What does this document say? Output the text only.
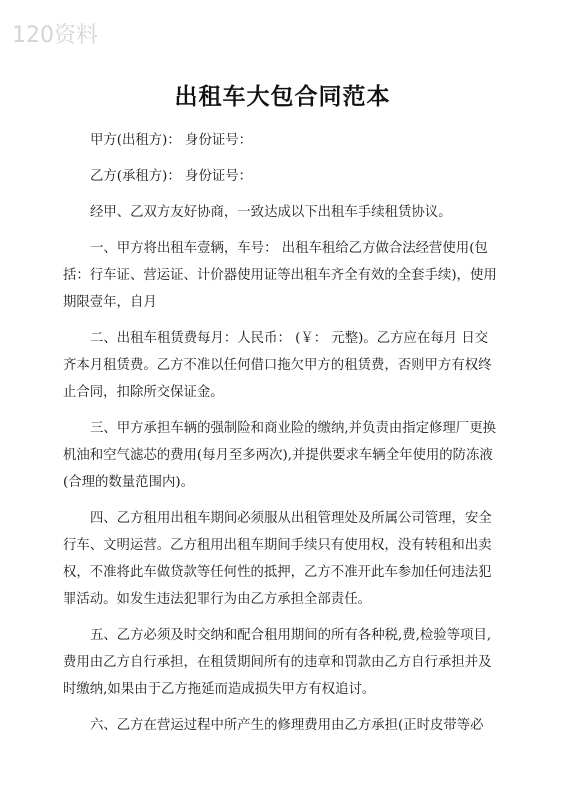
120资料
出租车大包合同范本
甲方(出租方)： 身份证号：
乙方(承租方)： 身份证号：
经甲、乙双方友好协商，一致达成以下出租车手续租赁协议。
一、甲方将出租车壹辆，车号： 出租车租给乙方做合法经营使用(包
括：行车证、营运证、计价器使用证等出租车齐全有效的全套手续)，使用
期限壹年，自月
二、出租车租赁费每月：人民币： (￥： 元整)。乙方应在每月 日交
齐本月租赁费。乙方不准以任何借口拖欠甲方的租赁费，否则甲方有权终
止合同，扣除所交保证金。
三、甲方承担车辆的强制险和商业险的缴纳,并负责由指定修理厂更换
机油和空气滤芯的费用(每月至多两次),并提供要求车辆全年使用的防冻液
(合理的数量范围内)。
四、乙方租用出租车期间必须服从出租管理处及所属公司管理，安全
行车、文明运营。乙方租用出租车期间手续只有使用权，没有转租和出卖
权，不准将此车做贷款等任何性的抵押，乙方不准开此车参加任何违法犯
罪活动。如发生违法犯罪行为由乙方承担全部责任。
五、乙方必须及时交纳和配合租用期间的所有各种税,费,检验等项目,
费用由乙方自行承担，在租赁期间所有的违章和罚款由乙方自行承担并及
时缴纳,如果由于乙方拖延而造成损失甲方有权追讨。
六、乙方在营运过程中所产生的修理费用由乙方承担(正时皮带等必
